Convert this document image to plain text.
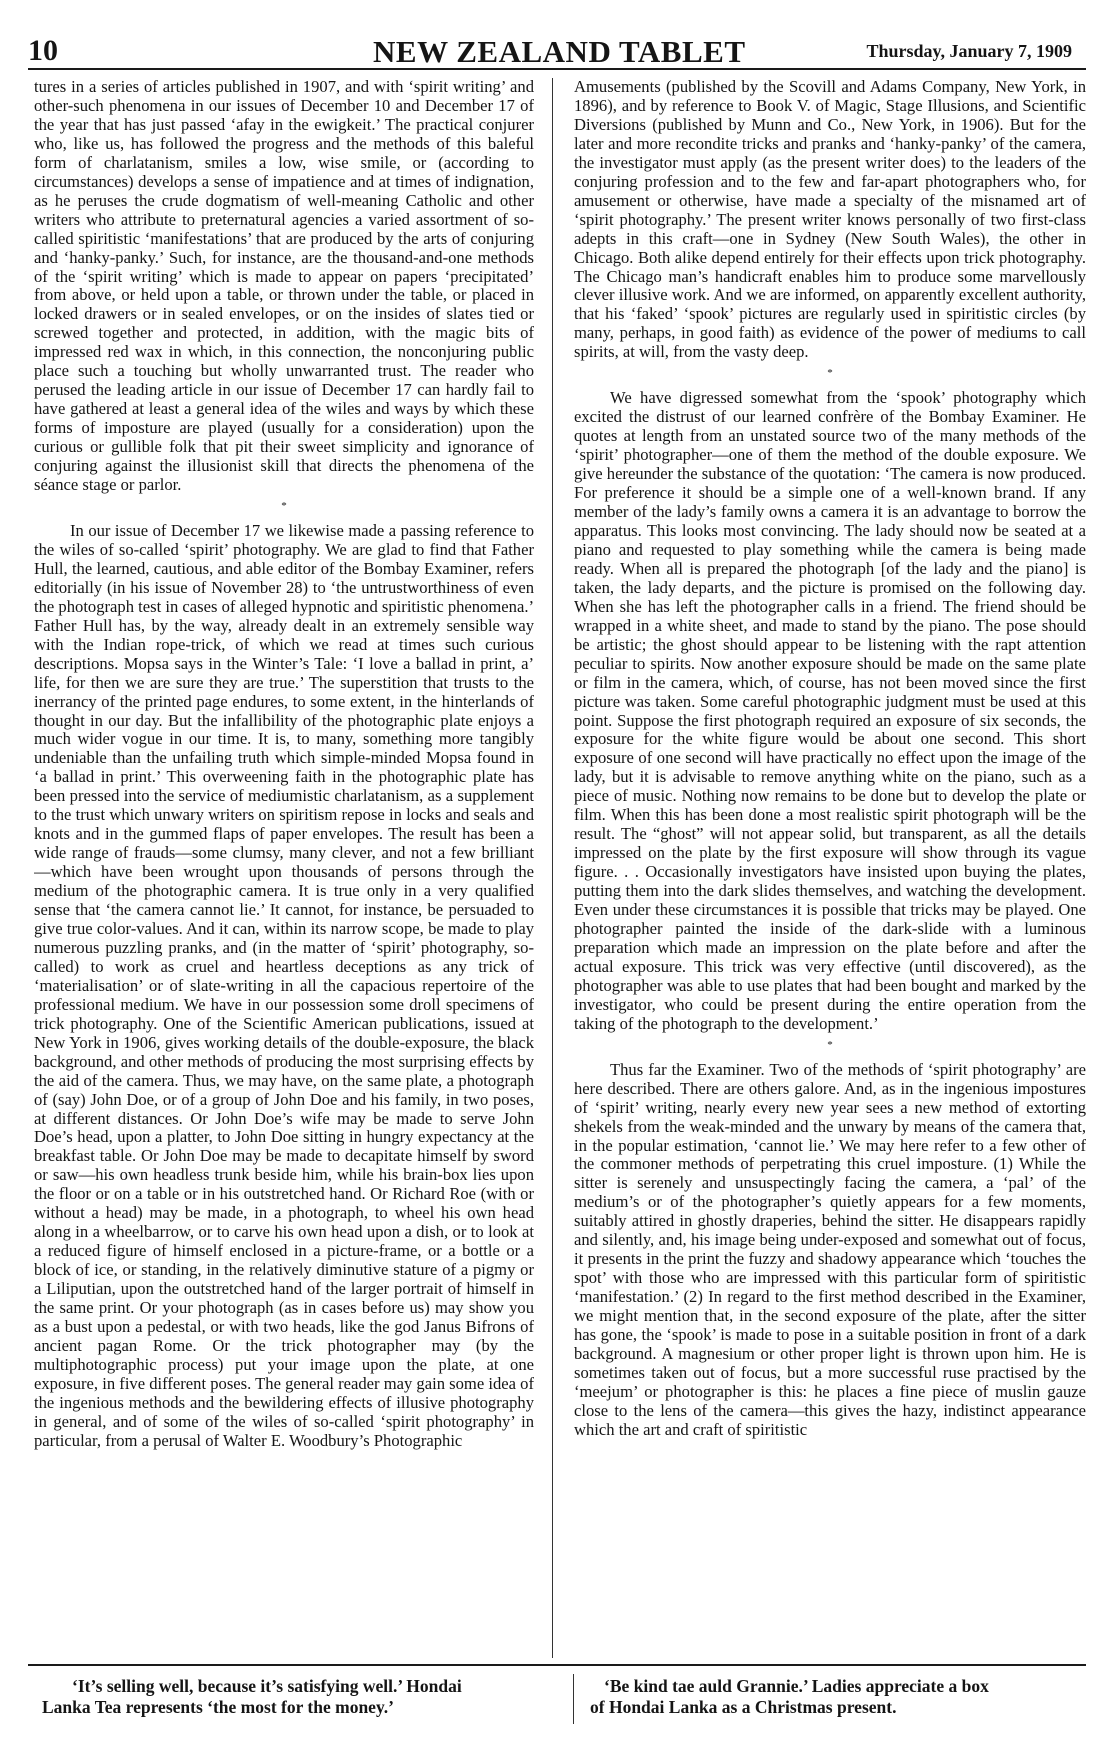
10	NEW ZEALAND TABLET	Thursday, January 7, 1909

tures in a series of articles published in 1907, and with ‘spirit writing’ and other-such phenomena in our issues of December 10 and December 17 of the year that has just passed ‘afay in the ewigkeit.’ The practical conjurer who, like us, has followed the progress and the methods of this baleful form of charlatanism, smiles a low, wise smile, or (according to circumstances) develops a sense of impatience and at times of indignation, as he peruses the crude dogmatism of well-meaning Catholic and other writers who attribute to preternatural agencies a varied assortment of so-called spiritistic ‘manifestations’ that are produced by the arts of conjuring and ‘hanky-panky.’ Such, for instance, are the thousand-and-one methods of the ‘spirit writing’ which is made to appear on papers ‘precipitated’ from above, or held upon a table, or thrown under the table, or placed in locked drawers or in sealed envelopes, or on the insides of slates tied or screwed together and protected, in addition, with the magic bits of impressed red wax in which, in this connection, the nonconjuring public place such a touching but wholly unwarranted trust. The reader who perused the leading article in our issue of December 17 can hardly fail to have gathered at least a general idea of the wiles and ways by which these forms of imposture are played (usually for a consideration) upon the curious or gullible folk that pit their sweet simplicity and ignorance of conjuring against the illusionist skill that directs the phenomena of the séance stage or parlor.

*

In our issue of December 17 we likewise made a passing reference to the wiles of so-called ‘spirit’ photography. We are glad to find that Father Hull, the learned, cautious, and able editor of the Bombay Examiner, refers editorially (in his issue of November 28) to ‘the untrustworthiness of even the photograph test in cases of alleged hypnotic and spiritistic phenomena.’ Father Hull has, by the way, already dealt in an extremely sensible way with the Indian rope-trick, of which we read at times such curious descriptions. Mopsa says in the Winter’s Tale: ‘I love a ballad in print, a’ life, for then we are sure they are true.’ The superstition that trusts to the inerrancy of the printed page endures, to some extent, in the hinterlands of thought in our day. But the infallibility of the photographic plate enjoys a much wider vogue in our time. It is, to many, something more tangibly undeniable than the unfailing truth which simple-minded Mopsa found in ‘a ballad in print.’ This overweening faith in the photographic plate has been pressed into the service of mediumistic charlatanism, as a supplement to the trust which unwary writers on spiritism repose in locks and seals and knots and in the gummed flaps of paper envelopes. The result has been a wide range of frauds—some clumsy, many clever, and not a few brilliant—which have been wrought upon thousands of persons through the medium of the photographic camera. It is true only in a very qualified sense that ‘the camera cannot lie.’ It cannot, for instance, be persuaded to give true color-values. And it can, within its narrow scope, be made to play numerous puzzling pranks, and (in the matter of ‘spirit’ photography, so-called) to work as cruel and heartless deceptions as any trick of ‘materialisation’ or of slate-writing in all the capacious repertoire of the professional medium. We have in our possession some droll specimens of trick photography. One of the Scientific American publications, issued at New York in 1906, gives working details of the double-exposure, the black background, and other methods of producing the most surprising effects by the aid of the camera. Thus, we may have, on the same plate, a photograph of (say) John Doe, or of a group of John Doe and his family, in two poses, at different distances. Or John Doe’s wife may be made to serve John Doe’s head, upon a platter, to John Doe sitting in hungry expectancy at the breakfast table. Or John Doe may be made to decapitate himself by sword or saw—his own headless trunk beside him, while his brain-box lies upon the floor or on a table or in his outstretched hand. Or Richard Roe (with or without a head) may be made, in a photograph, to wheel his own head along in a wheelbarrow, or to carve his own head upon a dish, or to look at a reduced figure of himself enclosed in a picture-frame, or a bottle or a block of ice, or standing, in the relatively diminutive stature of a pigmy or a Liliputian, upon the outstretched hand of the larger portrait of himself in the same print. Or your photograph (as in cases before us) may show you as a bust upon a pedestal, or with two heads, like the god Janus Bifrons of ancient pagan Rome. Or the trick photographer may (by the multiphotographic process) put your image upon the plate, at one exposure, in five different poses. The general reader may gain some idea of the ingenious methods and the bewildering effects of illusive photography in general, and of some of the wiles of so-called ‘spirit photography’ in particular, from a perusal of Walter E. Woodbury’s Photographic

Amusements (published by the Scovill and Adams Company, New York, in 1896), and by reference to Book V. of Magic, Stage Illusions, and Scientific Diversions (published by Munn and Co., New York, in 1906). But for the later and more recondite tricks and pranks and ‘hanky-panky’ of the camera, the investigator must apply (as the present writer does) to the leaders of the conjuring profession and to the few and far-apart photographers who, for amusement or otherwise, have made a specialty of the misnamed art of ‘spirit photography.’ The present writer knows personally of two first-class adepts in this craft—one in Sydney (New South Wales), the other in Chicago. Both alike depend entirely for their effects upon trick photography. The Chicago man’s handicraft enables him to produce some marvellously clever illusive work. And we are informed, on apparently excellent authority, that his ‘faked’ ‘spook’ pictures are regularly used in spiritistic circles (by many, perhaps, in good faith) as evidence of the power of mediums to call spirits, at will, from the vasty deep.

*

We have digressed somewhat from the ‘spook’ photography which excited the distrust of our learned confrère of the Bombay Examiner. He quotes at length from an unstated source two of the many methods of the ‘spirit’ photographer—one of them the method of the double exposure. We give hereunder the substance of the quotation: ‘The camera is now produced. For preference it should be a simple one of a well-known brand. If any member of the lady’s family owns a camera it is an advantage to borrow the apparatus. This looks most convincing. The lady should now be seated at a piano and requested to play something while the camera is being made ready. When all is prepared the photograph [of the lady and the piano] is taken, the lady departs, and the picture is promised on the following day. When she has left the photographer calls in a friend. The friend should be wrapped in a white sheet, and made to stand by the piano. The pose should be artistic; the ghost should appear to be listening with the rapt attention peculiar to spirits. Now another exposure should be made on the same plate or film in the camera, which, of course, has not been moved since the first picture was taken. Some careful photographic judgment must be used at this point. Suppose the first photograph required an exposure of six seconds, the exposure for the white figure would be about one second. This short exposure of one second will have practically no effect upon the image of the lady, but it is advisable to remove anything white on the piano, such as a piece of music. Nothing now remains to be done but to develop the plate or film. When this has been done a most realistic spirit photograph will be the result. The “ghost” will not appear solid, but transparent, as all the details impressed on the plate by the first exposure will show through its vague figure. . . Occasionally investigators have insisted upon buying the plates, putting them into the dark slides themselves, and watching the development. Even under these circumstances it is possible that tricks may be played. One photographer painted the inside of the dark-slide with a luminous preparation which made an impression on the plate before and after the actual exposure. This trick was very effective (until discovered), as the photographer was able to use plates that had been bought and marked by the investigator, who could be present during the entire operation from the taking of the photograph to the development.’

*

Thus far the Examiner. Two of the methods of ‘spirit photography’ are here described. There are others galore. And, as in the ingenious impostures of ‘spirit’ writing, nearly every new year sees a new method of extorting shekels from the weak-minded and the unwary by means of the camera that, in the popular estimation, ‘cannot lie.’ We may here refer to a few other of the commoner methods of perpetrating this cruel imposture. (1) While the sitter is serenely and unsuspectingly facing the camera, a ‘pal’ of the medium’s or of the photographer’s quietly appears for a few moments, suitably attired in ghostly draperies, behind the sitter. He disappears rapidly and silently, and, his image being under-exposed and somewhat out of focus, it presents in the print the fuzzy and shadowy appearance which ‘touches the spot’ with those who are impressed with this particular form of spiritistic ‘manifestation.’ (2) In regard to the first method described in the Examiner, we might mention that, in the second exposure of the plate, after the sitter has gone, the ‘spook’ is made to pose in a suitable position in front of a dark background. A magnesium or other proper light is thrown upon him. He is sometimes taken out of focus, but a more successful ruse practised by the ‘meejum’ or photographer is this: he places a fine piece of muslin gauze close to the lens of the camera—this gives the hazy, indistinct appearance which the art and craft of spiritistic

‘It’s selling well, because it’s satisfying well.’ Hondai
Lanka Tea represents ‘the most for the money.’
‘Be kind tae auld Grannie.’ Ladies appreciate a box
of Hondai Lanka as a Christmas present.
